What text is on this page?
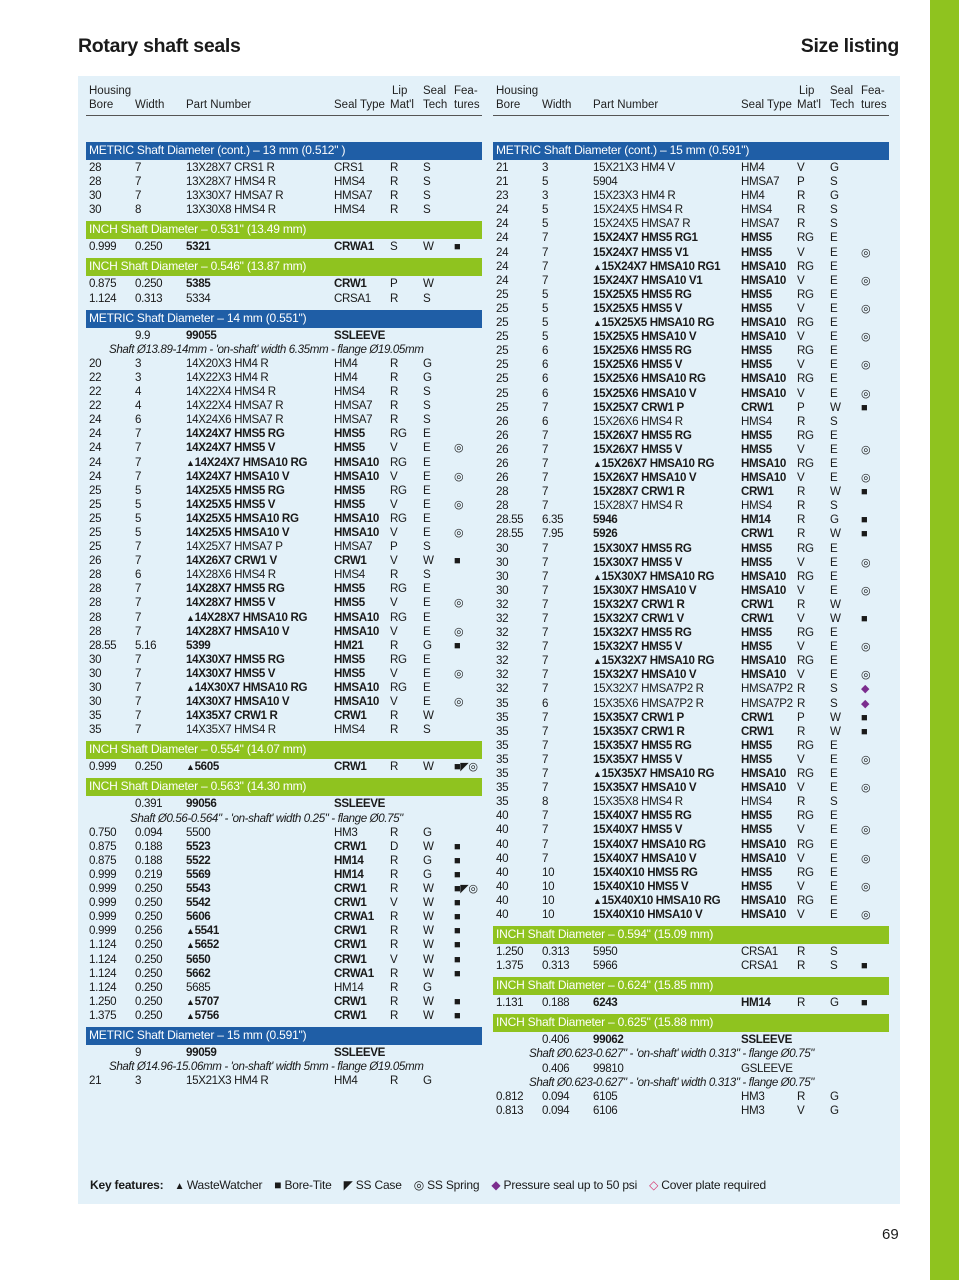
Rotary shaft seals	Size listing
Housing
Bore Width Part Number	Seal Type
Lip
Mat'l
Seal
Tech
Fea-
tures
METRIC Shaft Diameter (cont.) – 13 mm (0.512" )
28	7	13X28X7 CRS1 R	CRS1 R S
28	7	13X28X7 HMS4 R	HMS4 R S
30	7	13X30X7 HMSA7 R	HMSA7 R S
30	8	13X30X8 HMS4 R	HMS4 R S
INCH Shaft Diameter – 0.531" (13.49 mm)
0.999 0.250 5321	CRWA1 S W ■
INCH Shaft Diameter – 0.546" (13.87 mm)
0.875 0.250 5385	CRW1 P W
1.124 0.313 5334	CRSA1 R S
METRIC Shaft Diameter – 14 mm (0.551")
9.9	99055	SSLEEVE
Shaft Ø13.89-14mm - 'on-shaft' width 6.35mm - flange Ø19.05mm
20	3	14X20X3 HM4 R	HM4	R G
22	3	14X22X3 HM4 R	HM4	R G
22	4	14X22X4 HMS4 R	HMS4 R S
22	4	14X22X4 HMSA7 R	HMSA7 R S
24	6	14X24X6 HMSA7 R	HMSA7 R S
24	7	14X24X7 HMS5 RG	HMS5 RG E
24	7	14X24X7 HMS5 V	HMS5 V E ◎
24	7	▲14X24X7 HMSA10 RG HMSA10 RG E
24	7	14X24X7 HMSA10 V	HMSA10 V E ◎
25	5	14X25X5 HMS5 RG	HMS5 RG E
25	5	14X25X5 HMS5 V	HMS5 V E ◎
25	5	14X25X5 HMSA10 RG	HMSA10 RG E
25	5	14X25X5 HMSA10 V	HMSA10 V E ◎
25	7	14X25X7 HMSA7 P	HMSA7 P S
26	7	14X26X7 CRW1 V	CRW1 V W ■
28	6	14X28X6 HMS4 R	HMS4 R S
28	7	14X28X7 HMS5 RG	HMS5 RG E
28	7	14X28X7 HMS5 V	HMS5 V E ◎
28	7	▲14X28X7 HMSA10 RG HMSA10 RG E
28	7	14X28X7 HMSA10 V	HMSA10 V E ◎
28.55 5.16	5399	HM21 R G ■
30	7	14X30X7 HMS5 RG	HMS5 RG E
30	7	14X30X7 HMS5 V	HMS5 V E ◎
30	7	▲14X30X7 HMSA10 RG HMSA10 RG E
30	7	14X30X7 HMSA10 V	HMSA10 V E ◎
35	7	14X35X7 CRW1 R	CRW1 R W
35	7	14X35X7 HMS4 R	HMS4 R S
INCH Shaft Diameter – 0.554" (14.07 mm)
0.999 0.250	▲5605	CRW1 R W ■◤◎
INCH Shaft Diameter – 0.563" (14.30 mm)
0.391 99056	SSLEEVE
Shaft Ø0.56-0.564" - 'on-shaft' width 0.25" - flange Ø0.75"
0.750 0.094 5500	HM3	R G
0.875 0.188 5523	CRW1 D W ■
0.875 0.188 5522	HM14 R G ■
0.999 0.219 5569	HM14 R G ■
0.999 0.250 5543	CRW1 R W ■◤◎
0.999 0.250 5542	CRW1 V W ■
0.999 0.250 5606	CRWA1 R W ■
0.999 0.256	▲5541	CRW1 R W ■
1.124 0.250	▲5652	CRW1 R W ■
1.124 0.250 5650	CRW1 V W ■
1.124 0.250 5662	CRWA1 R W ■
1.124 0.250 5685	HM14 R G
1.250 0.250	▲5707	CRW1 R W ■
1.375 0.250	▲5756	CRW1 R W ■
METRIC Shaft Diameter – 15 mm (0.591")
9	99059	SSLEEVE
Shaft Ø14.96-15.06mm - 'on-shaft' width 5mm - flange Ø19.05mm
21	3	15X21X3 HM4 R	HM4	R G
Housing
Bore Width Part Number	Seal Type
Lip
Mat'l
Seal
Tech
Fea-
tures
METRIC Shaft Diameter (cont.) – 15 mm (0.591")
21	3	15X21X3 HM4 V	HM4	V G
21	5	5904	HMSA7 P S
23	3	15X23X3 HM4 R	HM4	R G
24	5	15X24X5 HMS4 R	HMS4 R S
24	5	15X24X5 HMSA7 R	HMSA7 R S
24	7	15X24X7 HMS5 RG1	HMS5 RG E
24	7	15X24X7 HMS5 V1	HMS5 V E ◎
24	7	▲15X24X7 HMSA10 RG1 HMSA10 RG E
24	7	15X24X7 HMSA10 V1	HMSA10 V E ◎
25	5	15X25X5 HMS5 RG	HMS5 RG E
25	5	15X25X5 HMS5 V	HMS5 V E ◎
25	5	▲15X25X5 HMSA10 RG HMSA10 RG E
25	5	15X25X5 HMSA10 V	HMSA10 V E ◎
25	6	15X25X6 HMS5 RG	HMS5 RG E
25	6	15X25X6 HMS5 V	HMS5 V E ◎
25	6	15X25X6 HMSA10 RG	HMSA10 RG E
25	6	15X25X6 HMSA10 V	HMSA10 V E ◎
25	7	15X25X7 CRW1 P	CRW1 P W ■
26	6	15X26X6 HMS4 R	HMS4 R S
26	7	15X26X7 HMS5 RG	HMS5 RG E
26	7	15X26X7 HMS5 V	HMS5 V E ◎
26	7	▲15X26X7 HMSA10 RG HMSA10 RG E
26	7	15X26X7 HMSA10 V	HMSA10 V E ◎
28	7	15X28X7 CRW1 R	CRW1 R W ■
28	7	15X28X7 HMS4 R	HMS4 R S
28.55 6.35	5946	HM14 R G ■
28.55 7.95	5926	CRW1 R W ■
30	7	15X30X7 HMS5 RG	HMS5 RG E
30	7	15X30X7 HMS5 V	HMS5 V E ◎
30	7	▲15X30X7 HMSA10 RG HMSA10 RG E
30	7	15X30X7 HMSA10 V	HMSA10 V E ◎
32	7	15X32X7 CRW1 R	CRW1 R W
32	7	15X32X7 CRW1 V	CRW1 V W ■
32	7	15X32X7 HMS5 RG	HMS5 RG E
32	7	15X32X7 HMS5 V	HMS5 V E ◎
32	7	▲15X32X7 HMSA10 RG HMSA10 RG E
32	7	15X32X7 HMSA10 V	HMSA10 V E ◎
32	7	15X32X7 HMSA7P2 R	HMSA7P2 R S ◆
35	6	15X35X6 HMSA7P2 R	HMSA7P2 R S ◆
35	7	15X35X7 CRW1 P	CRW1 P W ■
35	7	15X35X7 CRW1 R	CRW1 R W ■
35	7	15X35X7 HMS5 RG	HMS5 RG E
35	7	15X35X7 HMS5 V	HMS5 V E ◎
35	7	▲15X35X7 HMSA10 RG HMSA10 RG E
35	7	15X35X7 HMSA10 V	HMSA10 V E ◎
35	8	15X35X8 HMS4 R	HMS4 R S
40	7	15X40X7 HMS5 RG	HMS5 RG E
40	7	15X40X7 HMS5 V	HMS5 V E ◎
40	7	15X40X7 HMSA10 RG	HMSA10 RG E
40	7	15X40X7 HMSA10 V	HMSA10 V E ◎
40	10	15X40X10 HMS5 RG	HMS5 RG E
40	10	15X40X10 HMS5 V	HMS5 V E ◎
40	10	▲15X40X10 HMSA10 RG HMSA10 RG E
40	10	15X40X10 HMSA10 V	HMSA10 V E ◎
INCH Shaft Diameter – 0.594" (15.09 mm)
1.250 0.313 5950	CRSA1 R S
1.375 0.313 5966	CRSA1 R S ■
INCH Shaft Diameter – 0.624" (15.85 mm)
1.131 0.188 6243	HM14 R G ■
INCH Shaft Diameter – 0.625" (15.88 mm)
0.406 99062	SSLEEVE
Shaft Ø0.623-0.627" - 'on-shaft' width 0.313" - flange Ø0.75"
0.406 99810	GSLEEVE
Shaft Ø0.623-0.627" - 'on-shaft' width 0.313" - flange Ø0.75"
0.812 0.094 6105	HM3	R G
0.813 0.094 6106	HM3	V G
Key features: ▲ WasteWatcher ■ Bore-Tite ◤ SS Case ◎ SS Spring ◆ Pressure seal up to 50 psi ◇ Cover plate required
69
